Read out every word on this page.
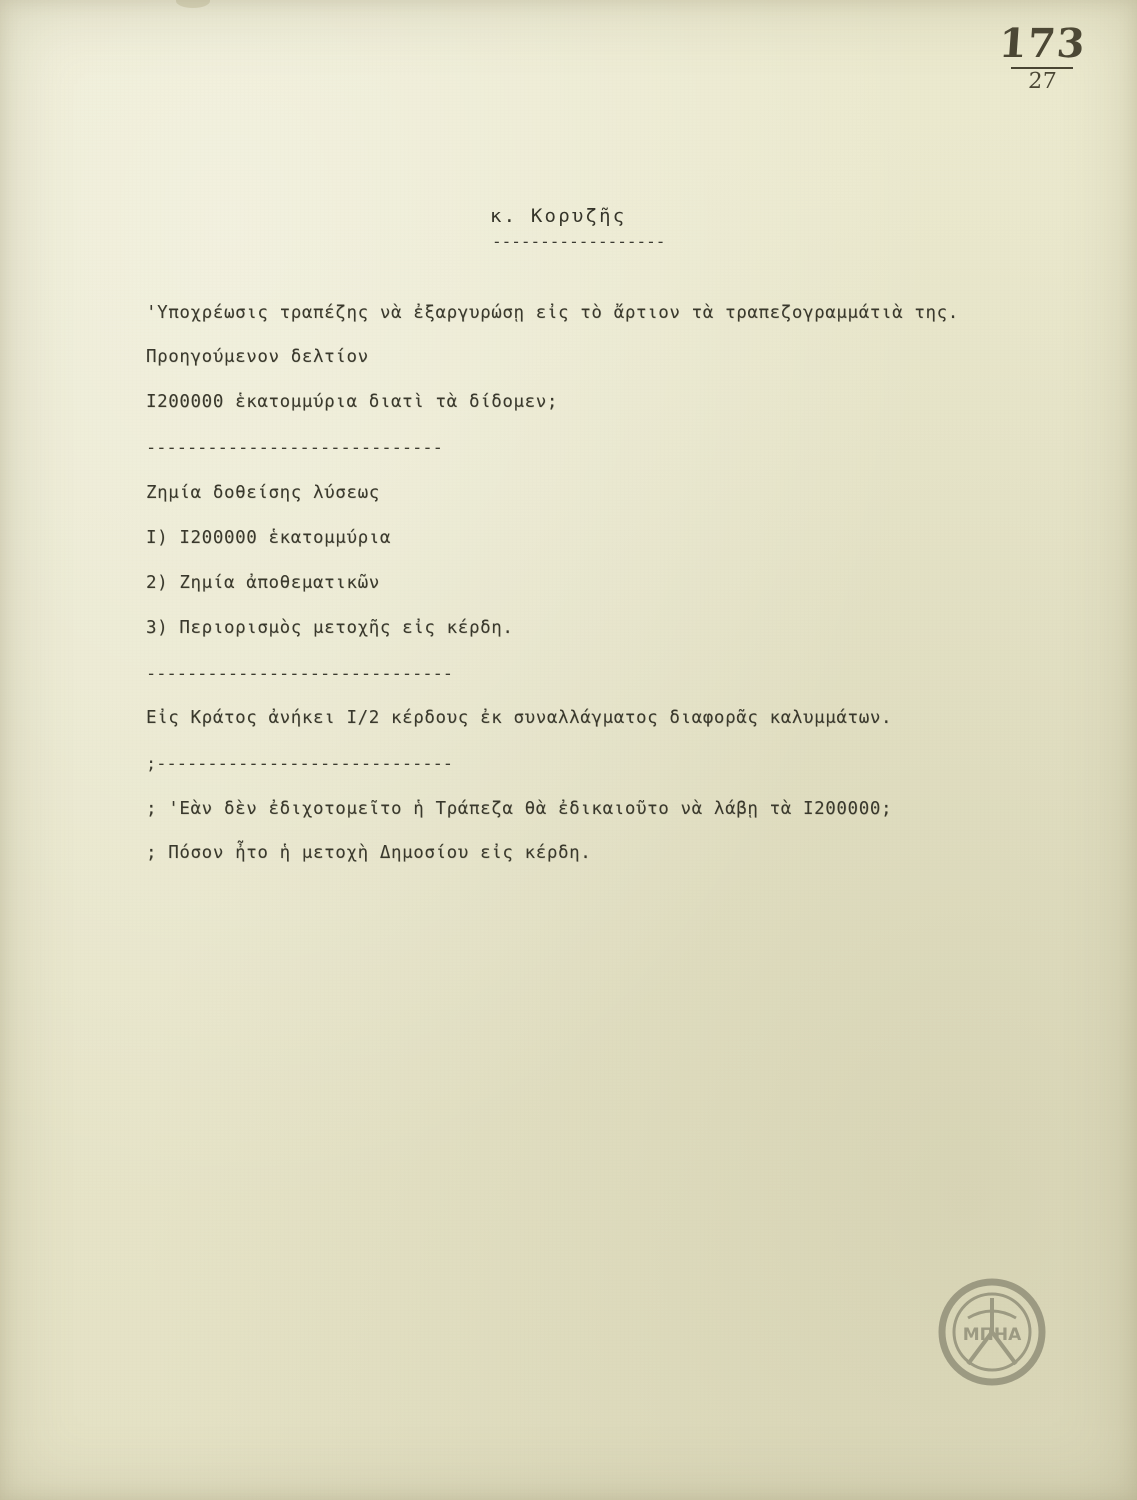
173
27
κ. Κορυζῆς
------------------
'Υποχρέωσις τραπέζης νὰ ἐξαργυρώσῃ εἰς τὸ ἄρτιον τὰ τραπεζογραμμάτιὰ της.
Προηγούμενον δελτίον
Ι200000 ἑκατομμύρια διατὶ τὰ δίδομεν;
-----------------------------
Ζημία δοθείσης λύσεως
Ι) Ι200000 ἑκατομμύρια
2) Ζημία ἀποθεματικῶν
3) Περιορισμὸς μετοχῆς εἰς κέρδη.
------------------------------
Εἰς Κράτος ἀνήκει Ι/2 κέρδους ἐκ συναλλάγματος διαφορᾶς καλυμμάτων.
;-----------------------------
; 'Εὰν δὲν ἐδιχοτομεῖτο ἡ Τράπεζα θὰ ἐδικαιοῦτο νὰ λάβῃ τὰ Ι200000;
; Πόσον ἦτο ἡ μετοχὴ Δημοσίου εἰς κέρδη.
ΜΠΗΑ
